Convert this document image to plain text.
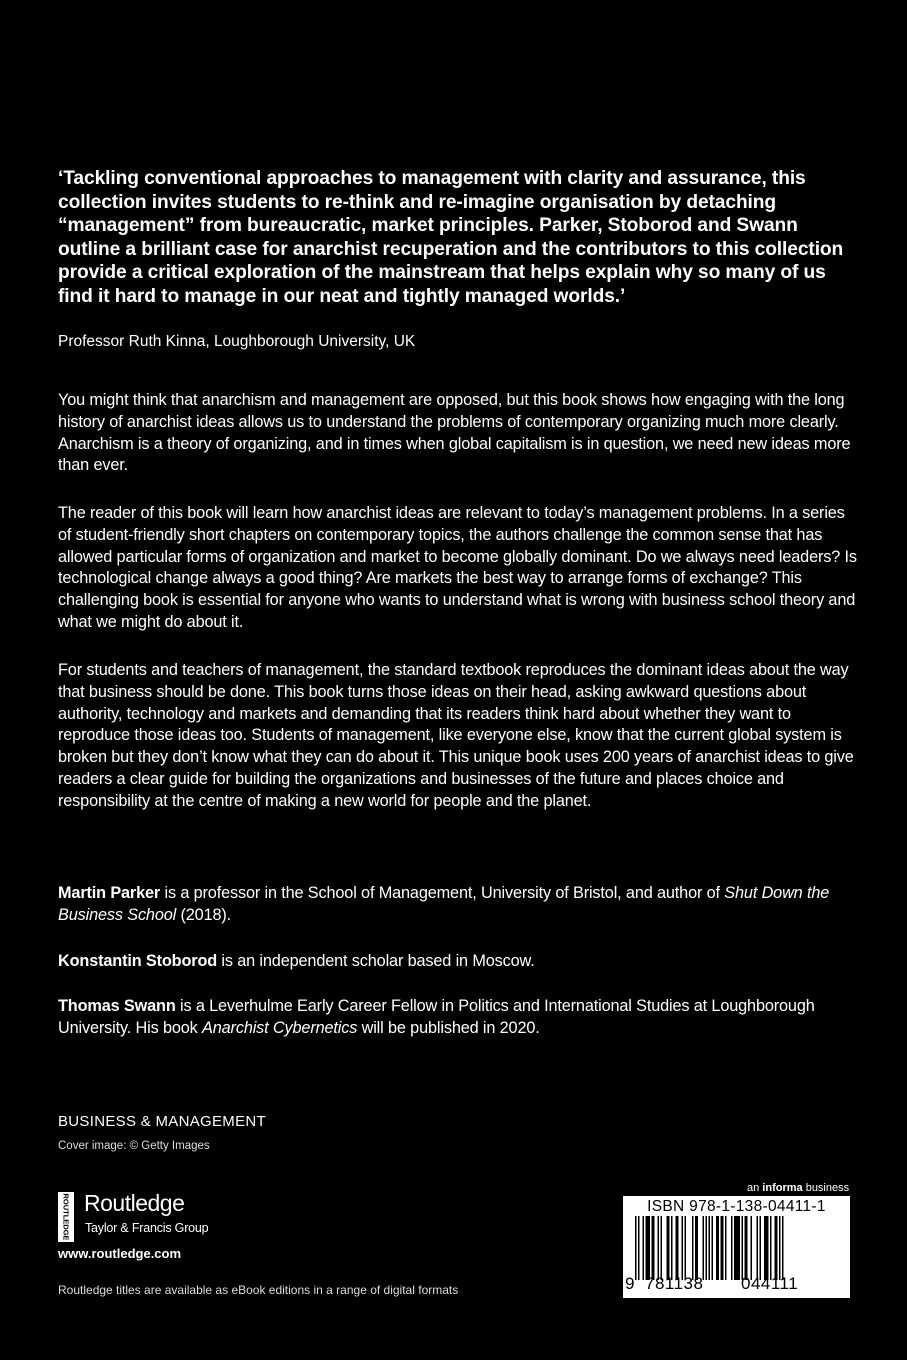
‘Tackling conventional approaches to management with clarity and assurance, this collection invites students to re-think and re-imagine organisation by detaching “management” from bureaucratic, market principles. Parker, Stoborod and Swann outline a brilliant case for anarchist recuperation and the contributors to this collection provide a critical exploration of the mainstream that helps explain why so many of us find it hard to manage in our neat and tightly managed worlds.’
Professor Ruth Kinna, Loughborough University, UK
You might think that anarchism and management are opposed, but this book shows how engaging with the long history of anarchist ideas allows us to understand the problems of contemporary organizing much more clearly. Anarchism is a theory of organizing, and in times when global capitalism is in question, we need new ideas more than ever.
The reader of this book will learn how anarchist ideas are relevant to today’s management problems. In a series of student-friendly short chapters on contemporary topics, the authors challenge the common sense that has allowed particular forms of organization and market to become globally dominant. Do we always need leaders? Is technological change always a good thing? Are markets the best way to arrange forms of exchange? This challenging book is essential for anyone who wants to understand what is wrong with business school theory and what we might do about it.
For students and teachers of management, the standard textbook reproduces the dominant ideas about the way that business should be done. This book turns those ideas on their head, asking awkward questions about authority, technology and markets and demanding that its readers think hard about whether they want to reproduce those ideas too. Students of management, like everyone else, know that the current global system is broken but they don’t know what they can do about it. This unique book uses 200 years of anarchist ideas to give readers a clear guide for building the organizations and businesses of the future and places choice and responsibility at the centre of making a new world for people and the planet.
Martin Parker is a professor in the School of Management, University of Bristol, and author of Shut Down the Business School (2018).
Konstantin Stoborod is an independent scholar based in Moscow.
Thomas Swann is a Leverhulme Early Career Fellow in Politics and International Studies at Loughborough University. His book Anarchist Cybernetics will be published in 2020.
BUSINESS & MANAGEMENT
Cover image: © Getty Images
ROUTLEDGE Routledge
Taylor & Francis Group
www.routledge.com
Routledge titles are available as eBook editions in a range of digital formats
an informa business
ISBN 978-1-138-04411-1
9 781138 044111
